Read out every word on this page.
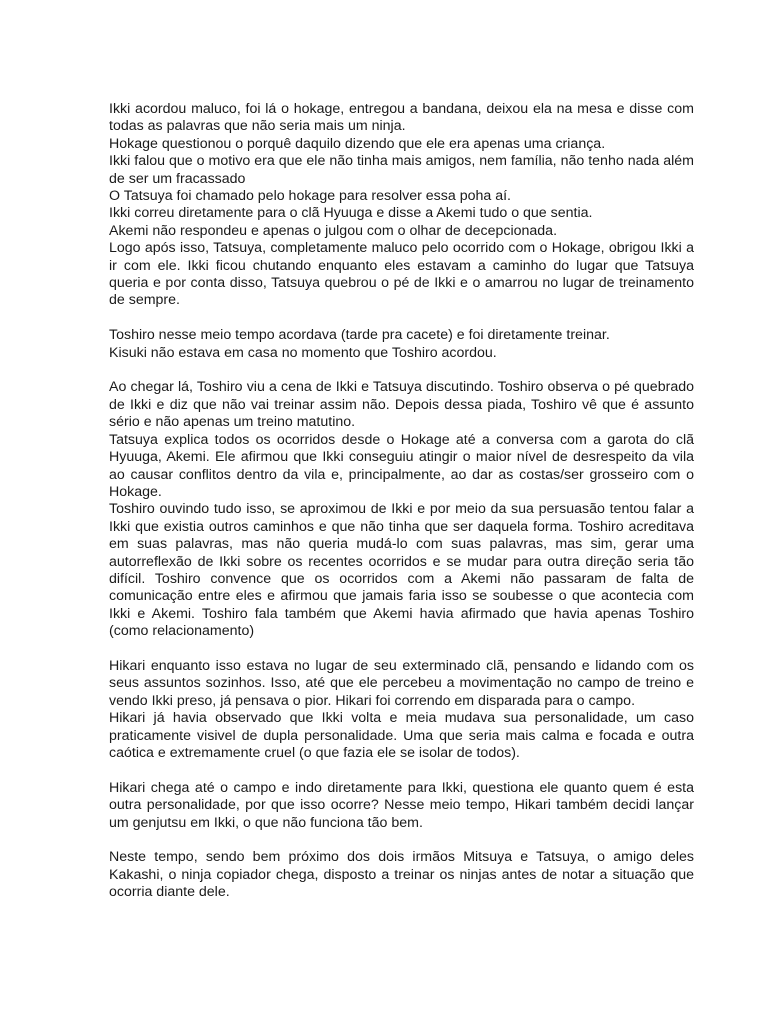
Ikki acordou maluco, foi lá o hokage, entregou a bandana, deixou ela na mesa e disse com todas as palavras que não seria mais um ninja.
Hokage questionou o porquê daquilo dizendo que ele era apenas uma criança.
Ikki falou que o motivo era que ele não tinha mais amigos, nem família, não tenho nada além de ser um fracassado
O Tatsuya foi chamado pelo hokage para resolver essa poha aí.
Ikki correu diretamente para o clã Hyuuga e disse a Akemi tudo o que sentia.
Akemi não respondeu e apenas o julgou com o olhar de decepcionada.
Logo após isso, Tatsuya, completamente maluco pelo ocorrido com o Hokage, obrigou Ikki a ir com ele. Ikki ficou chutando enquanto eles estavam a caminho do lugar que Tatsuya queria e por conta disso, Tatsuya quebrou o pé de Ikki e o amarrou no lugar de treinamento de sempre.
Toshiro nesse meio tempo acordava (tarde pra cacete) e foi diretamente treinar.
Kisuki não estava em casa no momento que Toshiro acordou.
Ao chegar lá, Toshiro viu a cena de Ikki e Tatsuya discutindo. Toshiro observa o pé quebrado de Ikki e diz que não vai treinar assim não. Depois dessa piada, Toshiro vê que é assunto sério e não apenas um treino matutino.
Tatsuya explica todos os ocorridos desde o Hokage até a conversa com a garota do clã Hyuuga, Akemi. Ele afirmou que Ikki conseguiu atingir o maior nível de desrespeito da vila ao causar conflitos dentro da vila e, principalmente, ao dar as costas/ser grosseiro com o Hokage.
Toshiro ouvindo tudo isso, se aproximou de Ikki e por meio da sua persuasão tentou falar a Ikki que existia outros caminhos e que não tinha que ser daquela forma. Toshiro acreditava em suas palavras, mas não queria mudá-lo com suas palavras, mas sim, gerar uma autorreflexão de Ikki sobre os recentes ocorridos e se mudar para outra direção seria tão difícil. Toshiro convence que os ocorridos com a Akemi não passaram de falta de comunicação entre eles e afirmou que jamais faria isso se soubesse o que acontecia com Ikki e Akemi. Toshiro fala também que Akemi havia afirmado que havia apenas Toshiro (como relacionamento)
Hikari enquanto isso estava no lugar de seu exterminado clã, pensando e lidando com os seus assuntos sozinhos. Isso, até que ele percebeu a movimentação no campo de treino e vendo Ikki preso, já pensava o pior. Hikari foi correndo em disparada para o campo.
Hikari já havia observado que Ikki volta e meia mudava sua personalidade, um caso praticamente visivel de dupla personalidade. Uma que seria mais calma e focada e outra caótica e extremamente cruel (o que fazia ele se isolar de todos).
Hikari chega até o campo e indo diretamente para Ikki, questiona ele quanto quem é esta outra personalidade, por que isso ocorre? Nesse meio tempo, Hikari também decidi lançar um genjutsu em Ikki, o que não funciona tão bem.
Neste tempo, sendo bem próximo dos dois irmãos Mitsuya e Tatsuya, o amigo deles Kakashi, o ninja copiador chega, disposto a treinar os ninjas antes de notar a situação que ocorria diante dele.
